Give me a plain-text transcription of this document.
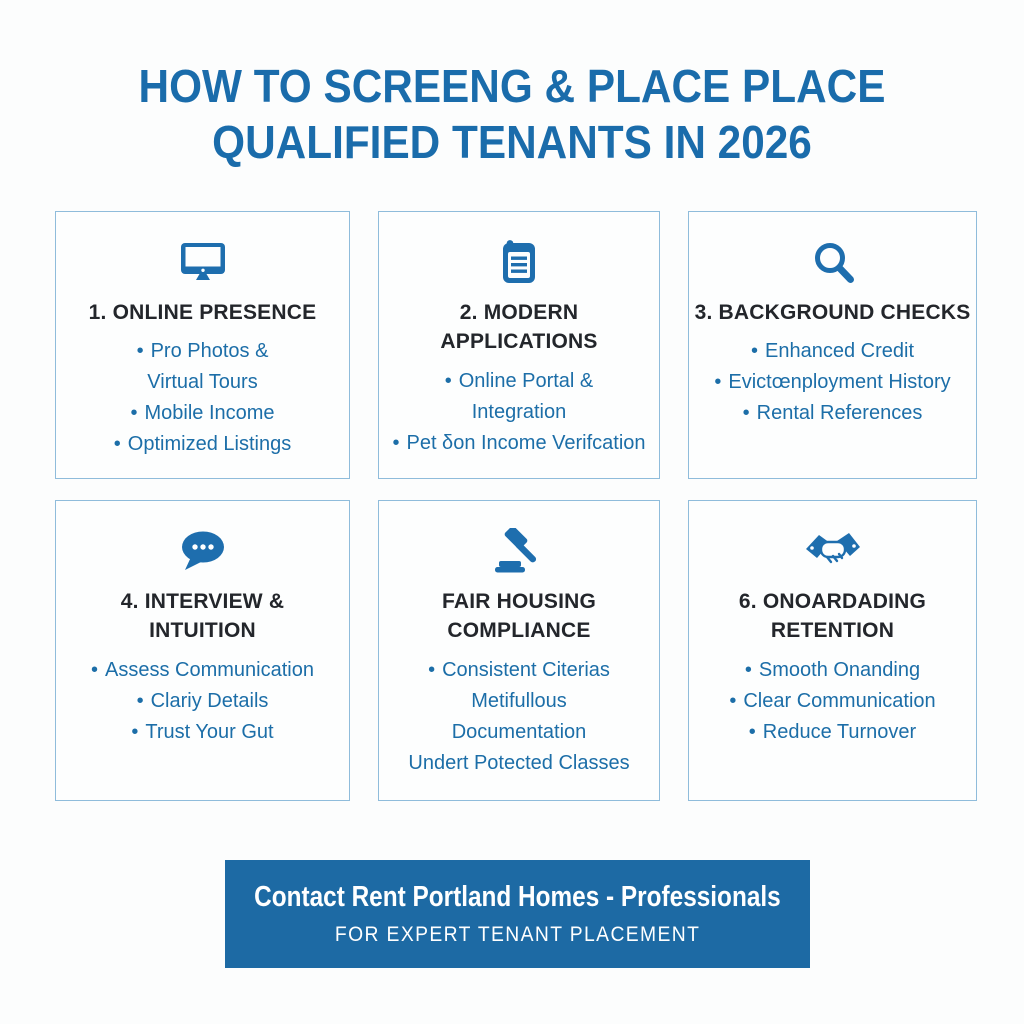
HOW TO SCREENG & PLACE PLACE
QUALIFIED TENANTS IN 2026
1. ONLINE PRESENCE
• Pro Photos &
Virtual Tours
• Mobile Income
• Optimized Listings
2. MODERN APPLICATIONS
• Online Portal &
Integration
• Pet δon Income Verifcation
3. BACKGROUND CHECKS
• Enhanced Credit
• Evictœnployment History
• Rental References
4. INTERVIEW &
INTUITION
• Assess Communication
• Clariy Details
• Trust Your Gut
FAIR HOUSING
COMPLIANCE
• Consistent Citerias
Metifullous
Documentation
Undert Potected Classes
6. ONOARDADING
RETENTION
• Smooth Onanding
• Clear Communication
• Reduce Turnover
Contact Rent Portland Homes - Professionals
FOR EXPERT TENANT PLACEMENT
